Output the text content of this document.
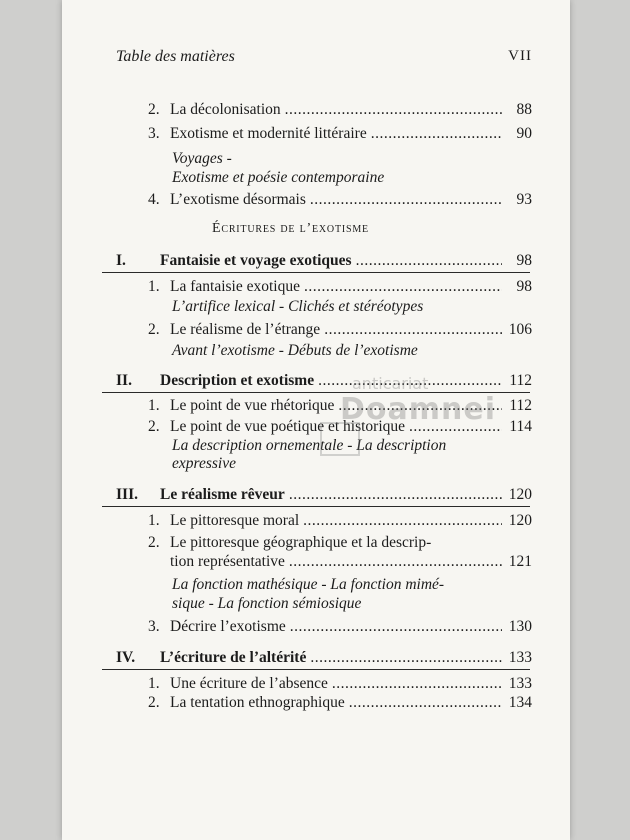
Table des matières	VII
2. La décolonisation .....	88
3. Exotisme et modernité littéraire .....	90
Voyages -
Exotisme et poésie contemporaine
4. L’exotisme désormais .....	93
Écritures de l’exotisme
I.	Fantaisie et voyage exotiques .....	98
1. La fantaisie exotique .....	98
L’artifice lexical - Clichés et stéréotypes
2. Le réalisme de l’étrange .....	106
Avant l’exotisme - Débuts de l’exotisme
II.	Description et exotisme .....	112
1. Le point de vue rhétorique .....	112
2. Le point de vue poétique et historique .....	114
La description ornementale - La description
expressive
III.	Le réalisme rêveur .....	120
1. Le pittoresque moral .....	120
2. Le pittoresque géographique et la descrip-
tion représentative .....	121
La fonction mathésique - La fonction mimé-
sique - La fonction sémiosique
3. Décrire l’exotisme .....	130
IV.	L’écriture de l’altérité .....	133
1. Une écriture de l’absence .....	133
2. La tentation ethnographique .....	134
anticariat
Doamnei
